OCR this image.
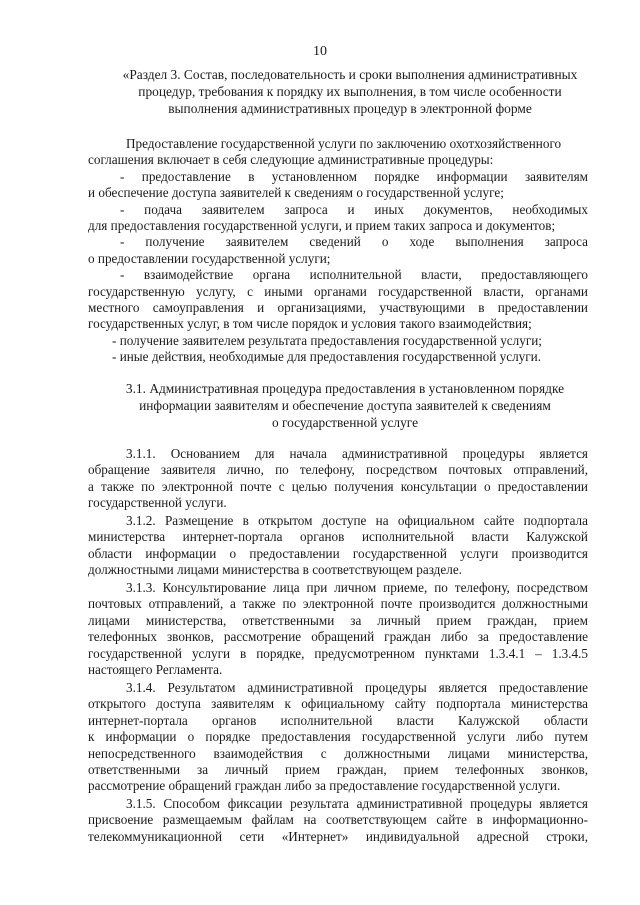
10
«Раздел 3. Состав, последовательность и сроки выполнения административных
процедур, требования к порядку их выполнения, в том числе особенности
выполнения административных процедур в электронной форме
Предоставление государственной услуги по заключению охотхозяйственного
соглашения включает в себя следующие административные процедуры:
- предоставление в установленном порядке информации заявителям
и обеспечение доступа заявителей к сведениям о государственной услуге;
- подача заявителем запроса и иных документов, необходимых
для предоставления государственной услуги, и прием таких запроса и документов;
- получение заявителем сведений о ходе выполнения запроса
о предоставлении государственной услуги;
- взаимодействие органа исполнительной власти, предоставляющего
государственную услугу, с иными органами государственной власти, органами
местного самоуправления и организациями, участвующими в предоставлении
государственных услуг, в том числе порядок и условия такого взаимодействия;
- получение заявителем результата предоставления государственной услуги;
- иные действия, необходимые для предоставления государственной услуги.
3.1. Административная процедура предоставления в установленном порядке
информации заявителям и обеспечение доступа заявителей к сведениям
о государственной услуге
3.1.1. Основанием для начала административной процедуры является
обращение заявителя лично, по телефону, посредством почтовых отправлений,
а также по электронной почте с целью получения консультации о предоставлении
государственной услуги.
3.1.2. Размещение в открытом доступе на официальном сайте подпортала
министерства интернет-портала органов исполнительной власти Калужской
области информации о предоставлении государственной услуги производится
должностными лицами министерства в соответствующем разделе.
3.1.3. Консультирование лица при личном приеме, по телефону, посредством
почтовых отправлений, а также по электронной почте производится должностными
лицами министерства, ответственными за личный прием граждан, прием
телефонных звонков, рассмотрение обращений граждан либо за предоставление
государственной услуги в порядке, предусмотренном пунктами 1.3.4.1 – 1.3.4.5
настоящего Регламента.
3.1.4. Результатом административной процедуры является предоставление
открытого доступа заявителям к официальному сайту подпортала министерства
интернет-портала органов исполнительной власти Калужской области
к информации о порядке предоставления государственной услуги либо путем
непосредственного взаимодействия с должностными лицами министерства,
ответственными за личный прием граждан, прием телефонных звонков,
рассмотрение обращений граждан либо за предоставление государственной услуги.
3.1.5. Способом фиксации результата административной процедуры является
присвоение размещаемым файлам на соответствующем сайте в информационно-
телекоммуникационной сети «Интернет» индивидуальной адресной строки,
